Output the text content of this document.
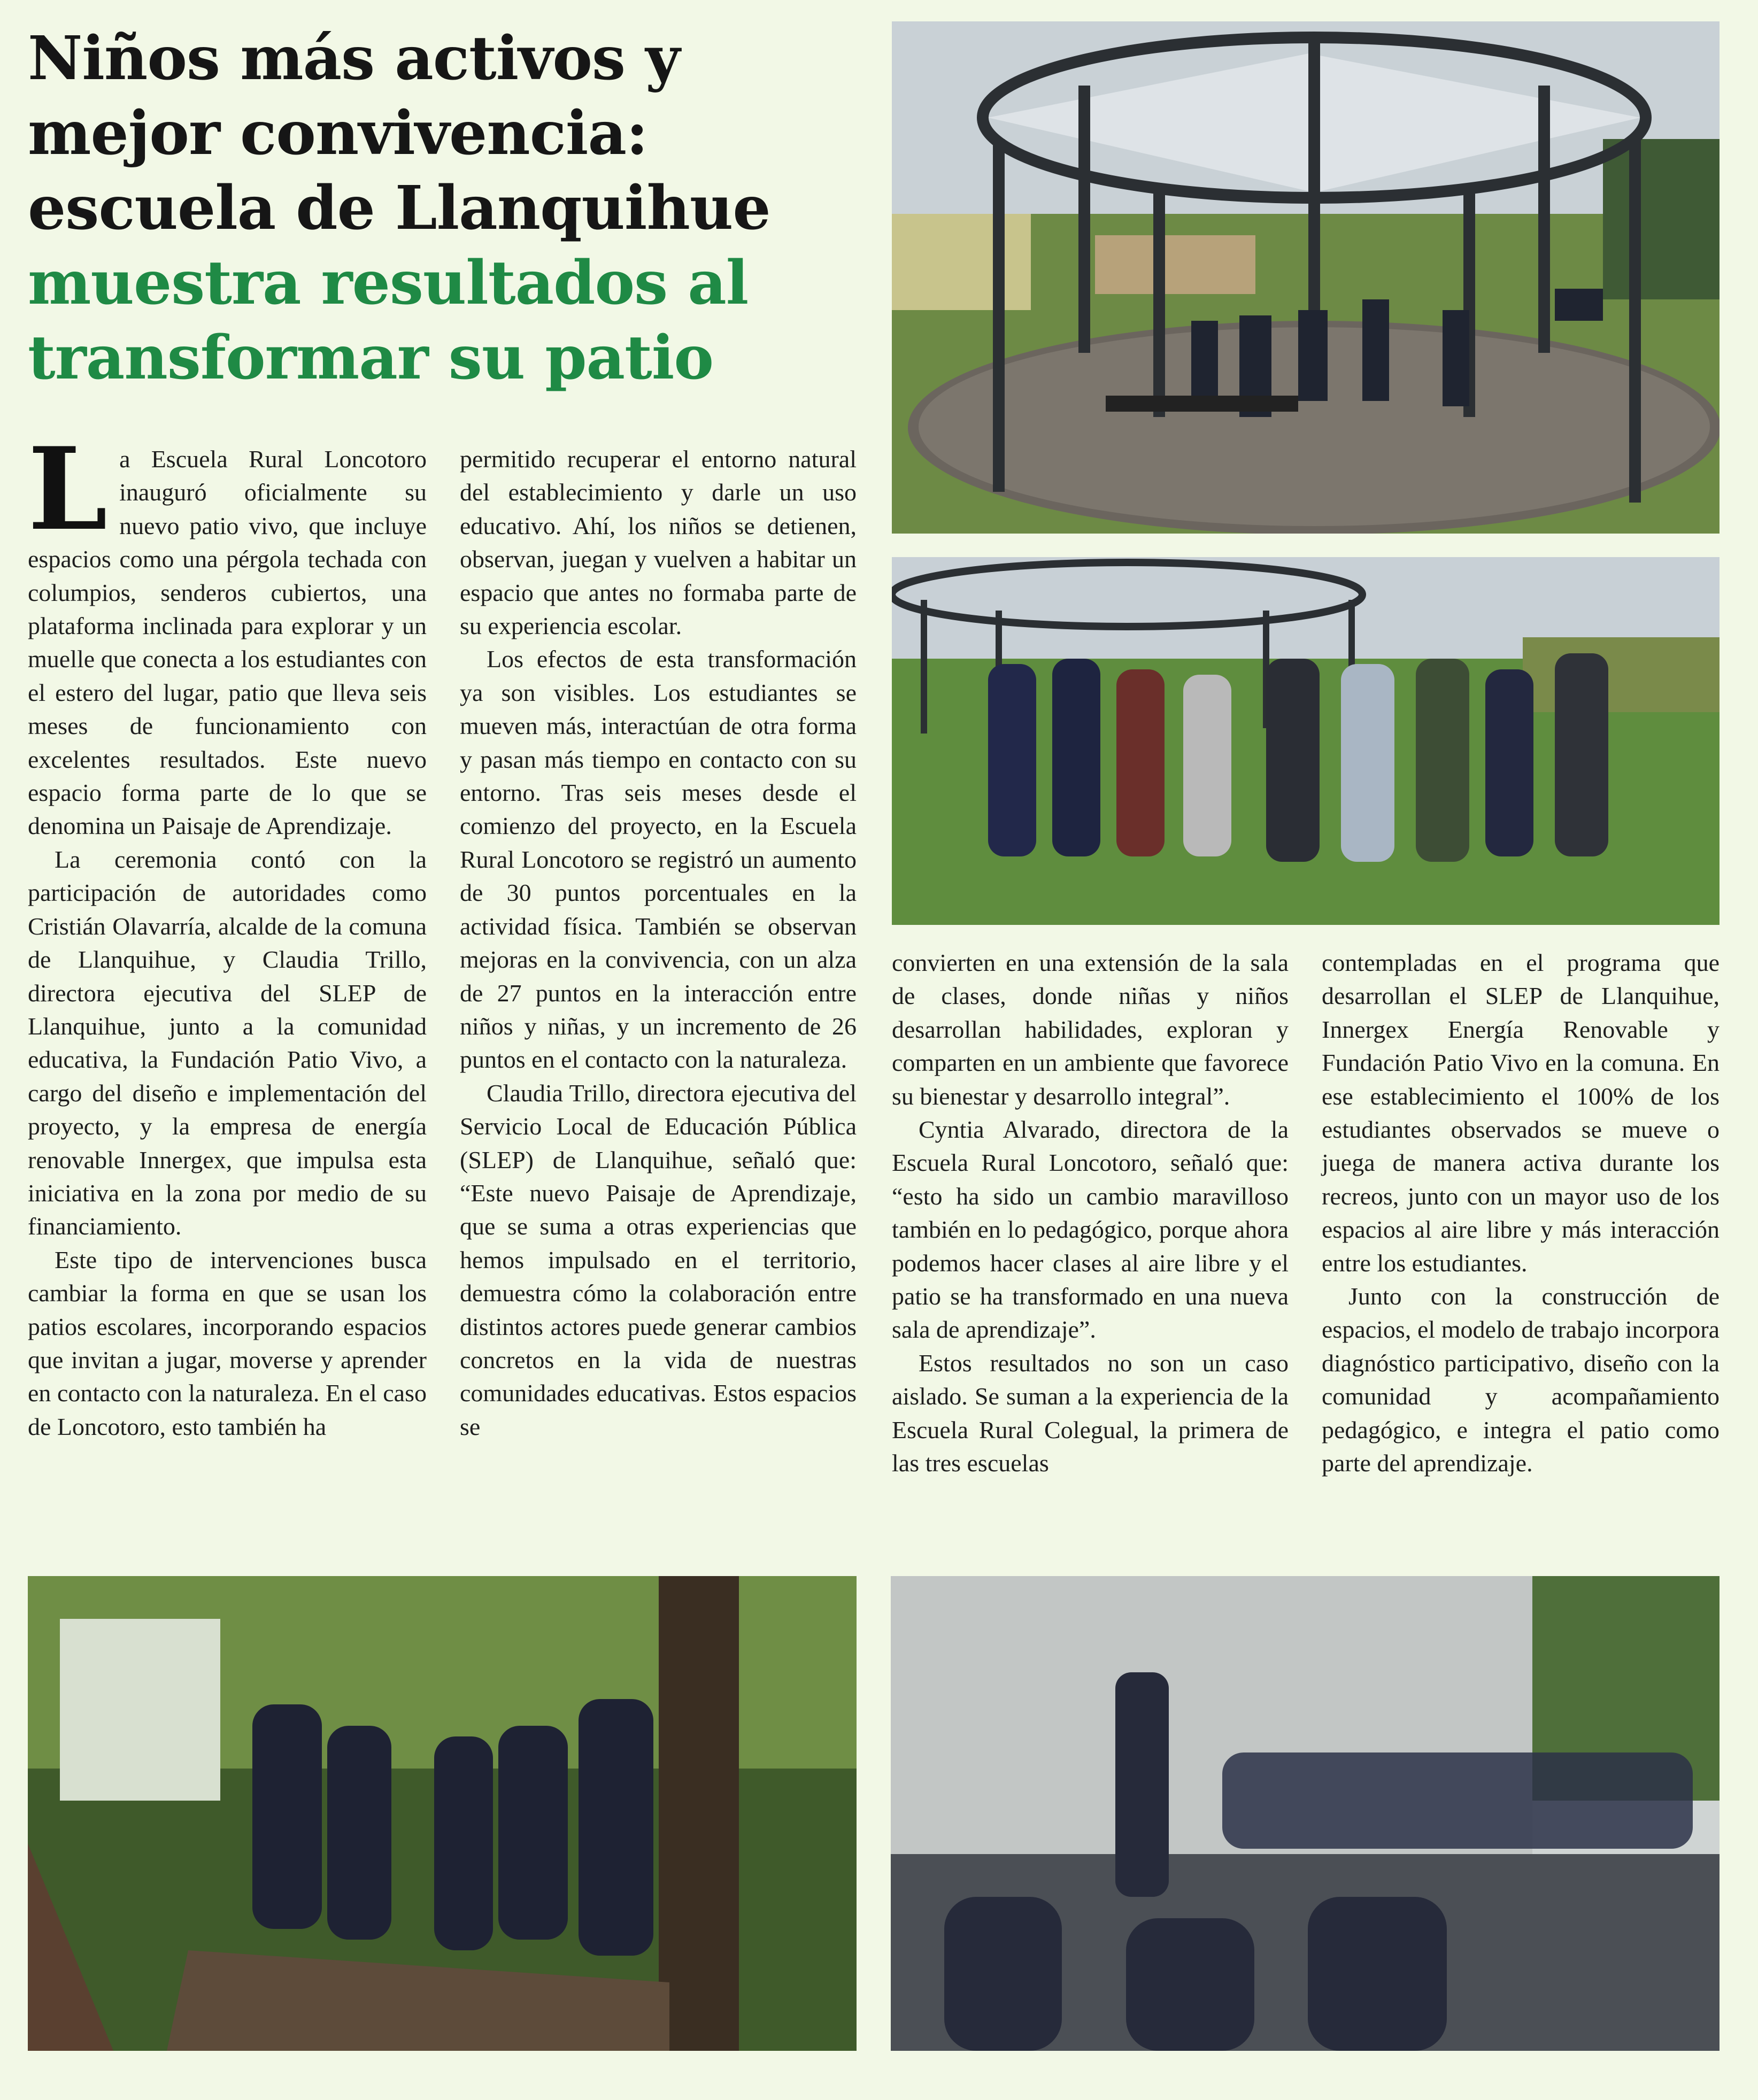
Niños más activos y mejor convivencia: escuela de Llanquihue
muestra resultados al transformar su patio

La Escuela Rural Loncotoro inauguró oficialmente su nuevo patio vivo, que incluye espacios como una pérgola techada con columpios, senderos cubiertos, una plataforma inclinada para explorar y un muelle que conecta a los estudiantes con el estero del lugar, patio que lleva seis meses de funcionamiento con excelentes resultados. Este nuevo espacio forma parte de lo que se denomina un Paisaje de Aprendizaje.

La ceremonia contó con la participación de autoridades como Cristián Olavarría, alcalde de la comuna de Llanquihue, y Claudia Trillo, directora ejecutiva del SLEP de Llanquihue, junto a la comunidad educativa, la Fundación Patio Vivo, a cargo del diseño e implementación del proyecto, y la empresa de energía renovable Innergex, que impulsa esta iniciativa en la zona por medio de su financiamiento.

Este tipo de intervenciones busca cambiar la forma en que se usan los patios escolares, incorporando espacios que invitan a jugar, moverse y aprender en contacto con la naturaleza. En el caso de Loncotoro, esto también ha

permitido recuperar el entorno natural del establecimiento y darle un uso educativo. Ahí, los niños se detienen, observan, juegan y vuelven a habitar un espacio que antes no formaba parte de su experiencia escolar.

Los efectos de esta transformación ya son visibles. Los estudiantes se mueven más, interactúan de otra forma y pasan más tiempo en contacto con su entorno. Tras seis meses desde el comienzo del proyecto, en la Escuela Rural Loncotoro se registró un aumento de 30 puntos porcentuales en la actividad física. También se observan mejoras en la convivencia, con un alza de 27 puntos en la interacción entre niños y niñas, y un incremento de 26 puntos en el contacto con la naturaleza.

Claudia Trillo, directora ejecutiva del Servicio Local de Educación Pública (SLEP) de Llanquihue, señaló que: “Este nuevo Paisaje de Aprendizaje, que se suma a otras experiencias que hemos impulsado en el territorio, demuestra cómo la colaboración entre distintos actores puede generar cambios concretos en la vida de nuestras comunidades educativas. Estos espacios se

convierten en una extensión de la sala de clases, donde niñas y niños desarrollan habilidades, exploran y comparten en un ambiente que favorece su bienestar y desarrollo integral”.

Cyntia Alvarado, directora de la Escuela Rural Loncotoro, señaló que: “esto ha sido un cambio maravilloso también en lo pedagógico, porque ahora podemos hacer clases al aire libre y el patio se ha transformado en una nueva sala de aprendizaje”.

Estos resultados no son un caso aislado. Se suman a la experiencia de la Escuela Rural Colegual, la primera de las tres escuelas

contempladas en el programa que desarrollan el SLEP de Llanquihue, Innergex Energía Renovable y Fundación Patio Vivo en la comuna. En ese establecimiento el 100% de los estudiantes observados se mueve o juega de manera activa durante los recreos, junto con un mayor uso de los espacios al aire libre y más interacción entre los estudiantes.

Junto con la construcción de espacios, el modelo de trabajo incorpora diagnóstico participativo, diseño con la comunidad y acompañamiento pedagógico, e integra el patio como parte del aprendizaje.
